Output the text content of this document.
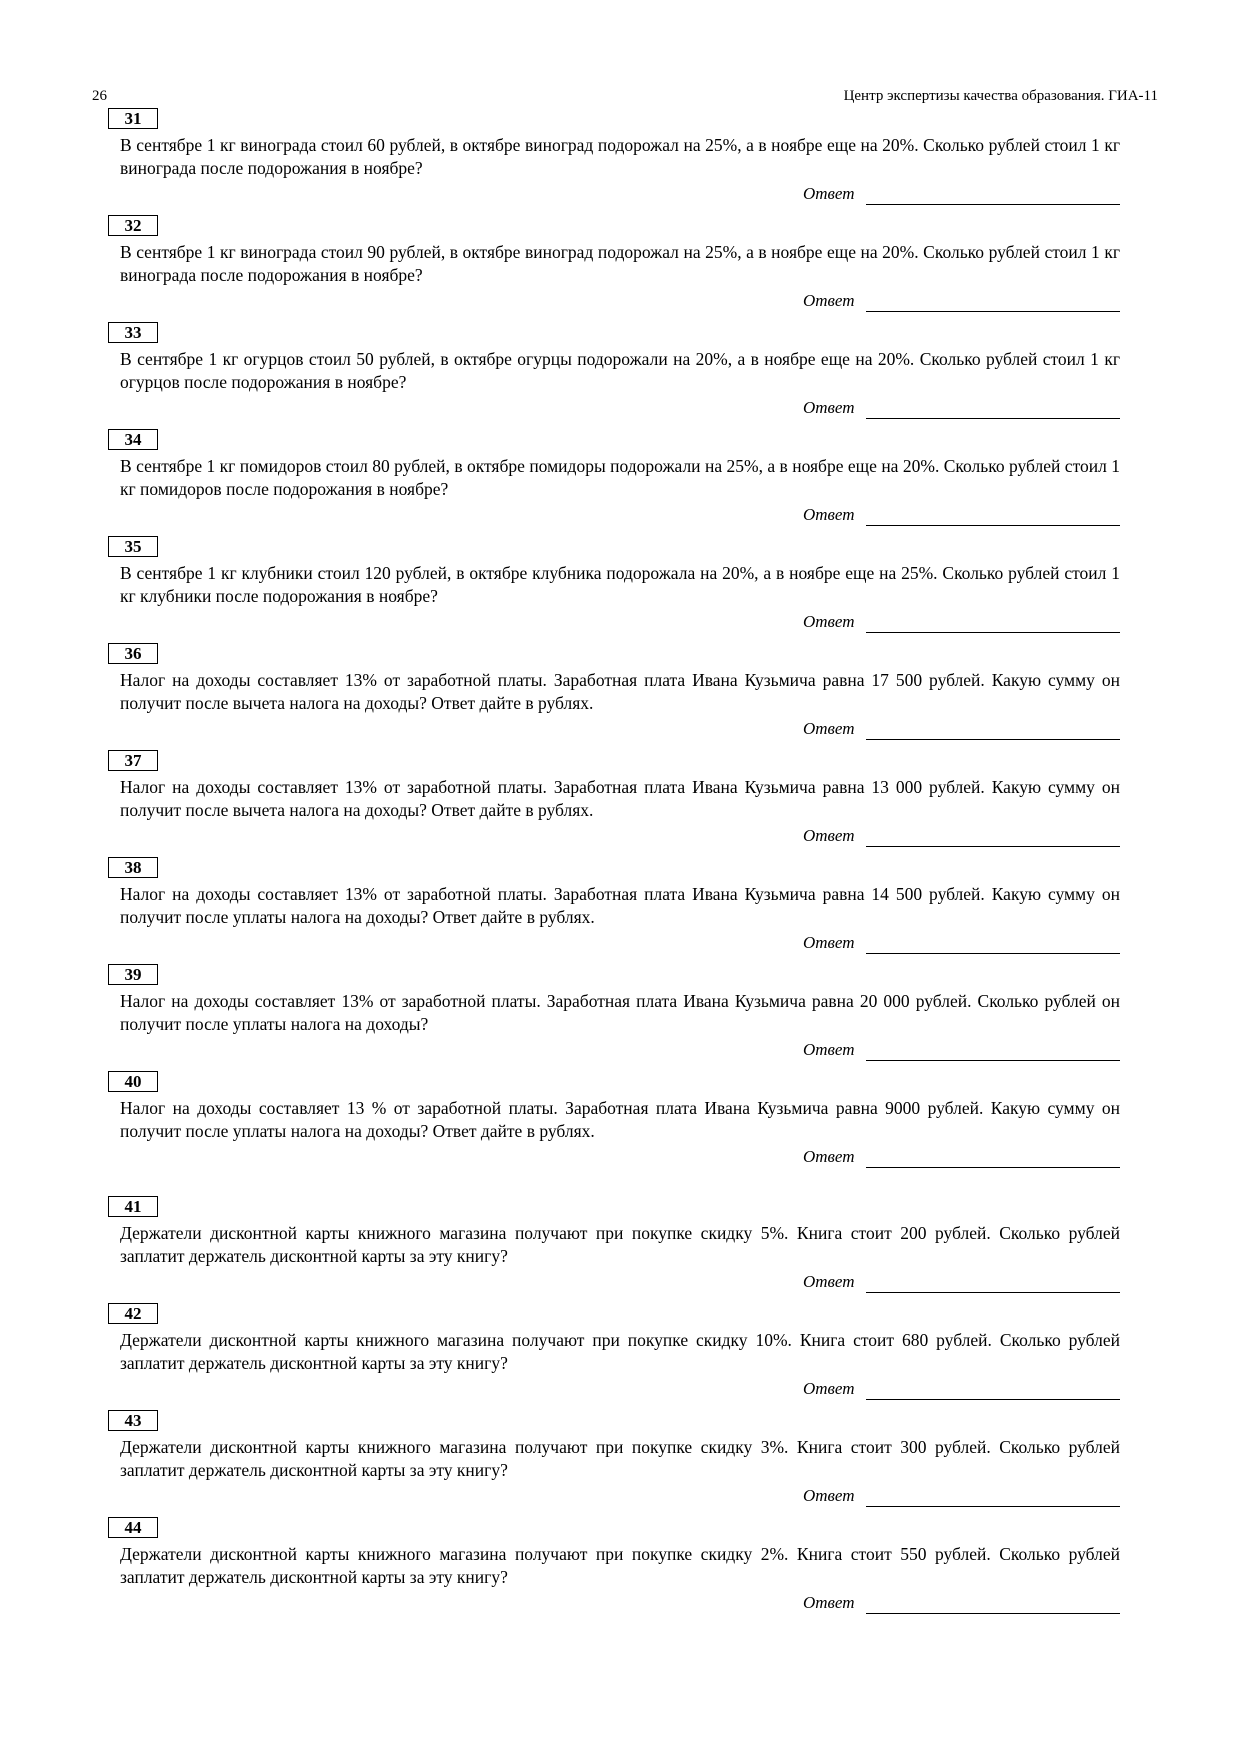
26	Центр экспертизы качества образования. ГИА-11
31
В сентябре 1 кг винограда стоил 60 рублей, в октябре виноград подорожал на 25%, а в ноябре еще на 20%. Сколько рублей стоил 1 кг винограда после подорожания в ноябре?
Ответ
32
В сентябре 1 кг винограда стоил 90 рублей, в октябре виноград подорожал на 25%, а в ноябре еще на 20%. Сколько рублей стоил 1 кг винограда после подорожания в ноябре?
Ответ
33
В сентябре 1 кг огурцов стоил 50 рублей, в октябре огурцы подорожали на 20%, а в ноябре еще на 20%. Сколько рублей стоил 1 кг огурцов после подорожания в ноябре?
Ответ
34
В сентябре 1 кг помидоров стоил 80 рублей, в октябре помидоры подорожали на 25%, а в ноябре еще на 20%. Сколько рублей стоил 1 кг помидоров после подорожания в ноябре?
Ответ
35
В сентябре 1 кг клубники стоил 120 рублей, в октябре клубника подорожала на 20%, а в ноябре еще на 25%. Сколько рублей стоил 1 кг клубники после подорожания в ноябре?
Ответ
36
Налог на доходы составляет 13% от заработной платы. Заработная плата Ивана Кузьмича равна 17 500 рублей. Какую сумму он получит после вычета налога на доходы? Ответ дайте в рублях.
Ответ
37
Налог на доходы составляет 13% от заработной платы. Заработная плата Ивана Кузьмича равна 13 000 рублей. Какую сумму он получит после вычета налога на доходы? Ответ дайте в рублях.
Ответ
38
Налог на доходы составляет 13% от заработной платы. Заработная плата Ивана Кузьмича равна 14 500 рублей. Какую сумму он получит после уплаты налога на доходы? Ответ дайте в рублях.
Ответ
39
Налог на доходы составляет 13% от заработной платы. Заработная плата Ивана Кузьмича равна 20 000 рублей. Сколько рублей он получит после уплаты налога на доходы?
Ответ
40
Налог на доходы составляет 13 % от заработной платы. Заработная плата Ивана Кузьмича равна 9000 рублей. Какую сумму он получит после уплаты налога на доходы? Ответ дайте в рублях.
Ответ
41
Держатели дисконтной карты книжного магазина получают при покупке скидку 5%. Книга стоит 200 рублей. Сколько рублей заплатит держатель дисконтной карты за эту книгу?
Ответ
42
Держатели дисконтной карты книжного магазина получают при покупке скидку 10%. Книга стоит 680 рублей. Сколько рублей заплатит держатель дисконтной карты за эту книгу?
Ответ
43
Держатели дисконтной карты книжного магазина получают при покупке скидку 3%. Книга стоит 300 рублей. Сколько рублей заплатит держатель дисконтной карты за эту книгу?
Ответ
44
Держатели дисконтной карты книжного магазина получают при покупке скидку 2%. Книга стоит 550 рублей. Сколько рублей заплатит держатель дисконтной карты за эту книгу?
Ответ
